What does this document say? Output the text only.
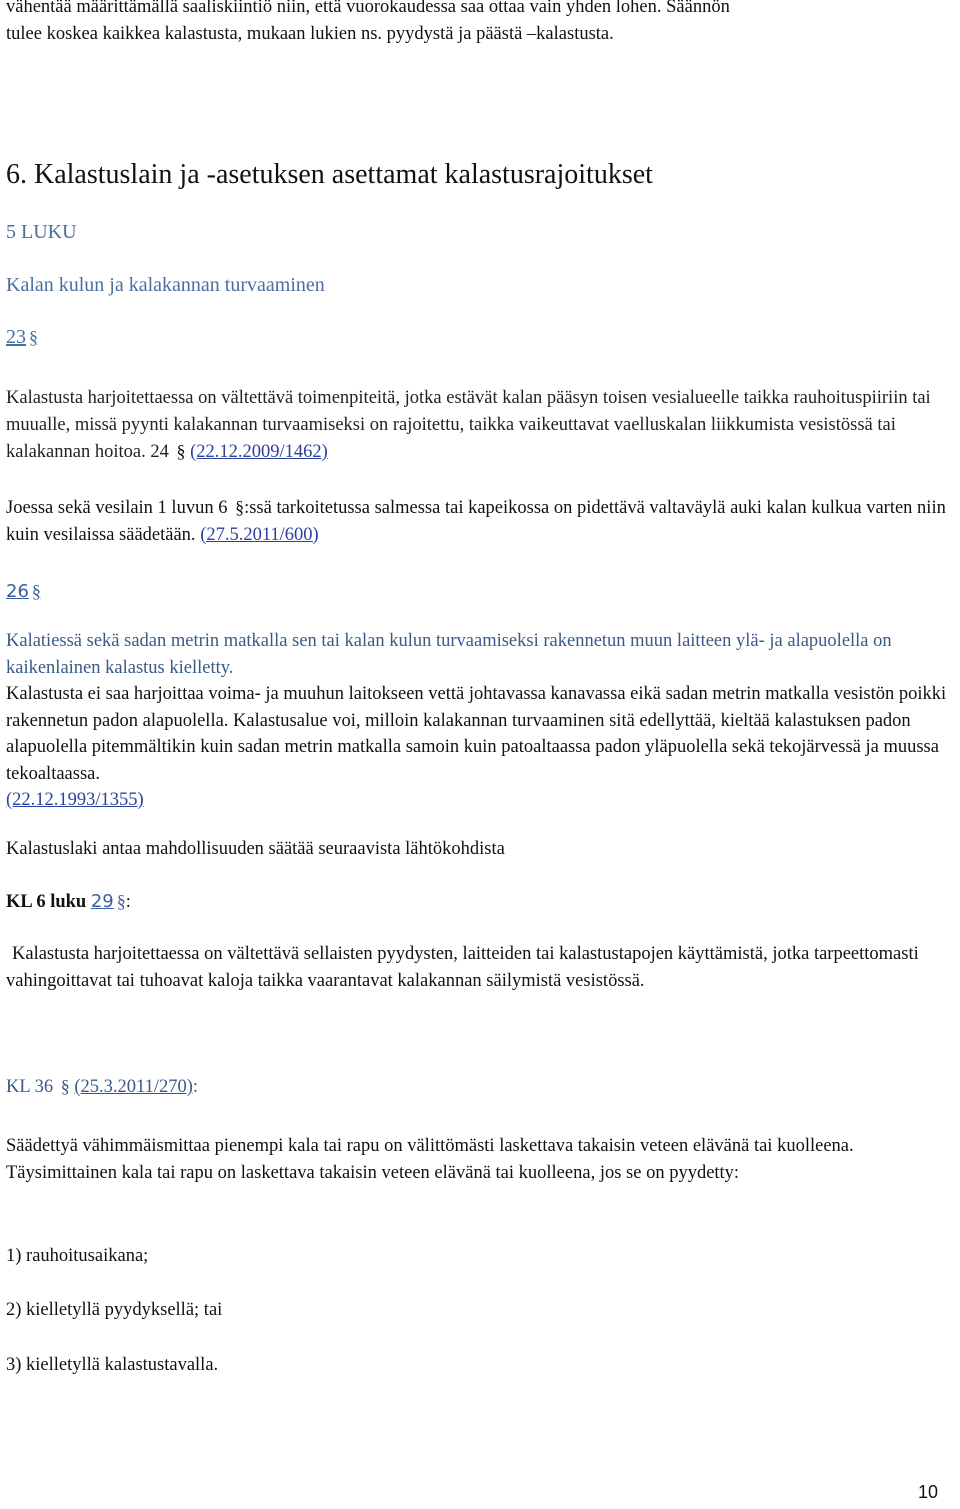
vähentää määrittämällä saaliskiintiö niin, että vuorokaudessa saa ottaa vain yhden lohen. Säännön
tulee koskea kaikkea kalastusta, mukaan lukien ns. pyydystä ja päästä –kalastusta.

6. Kalastuslain ja -asetuksen asettamat kalastusrajoitukset

5 LUKU

Kalan kulun ja kalakannan turvaaminen

23 §

Kalastusta harjoitettaessa on vältettävä toimenpiteitä, jotka estävät kalan pääsyn toisen vesialueelle taikka rauhoituspiiriin tai muualle, missä pyynti kalakannan turvaamiseksi on rajoitettu, taikka vaikeuttavat vaelluskalan liikkumista vesistössä tai kalakannan hoitoa. 24 § (22.12.2009/1462)

Joessa sekä vesilain 1 luvun 6 §:ssä tarkoitetussa salmessa tai kapeikossa on pidettävä valtaväylä auki kalan kulkua varten niin kuin vesilaissa säädetään. (27.5.2011/600)

26 §

Kalatiessä sekä sadan metrin matkalla sen tai kalan kulun turvaamiseksi rakennetun muun laitteen ylä- ja alapuolella on kaikenlainen kalastus kielletty.

Kalastusta ei saa harjoittaa voima- ja muuhun laitokseen vettä johtavassa kanavassa eikä sadan metrin matkalla vesistön poikki rakennetun padon alapuolella. Kalastusalue voi, milloin kalakannan turvaaminen sitä edellyttää, kieltää kalastuksen padon alapuolella pitemmältikin kuin sadan metrin matkalla samoin kuin patoaltaassa padon yläpuolella sekä tekojärvessä ja muussa tekoaltaassa.
(22.12.1993/1355)

Kalastuslaki antaa mahdollisuuden säätää seuraavista lähtökohdista

KL 6 luku 29 §:

Kalastusta harjoitettaessa on vältettävä sellaisten pyydysten, laitteiden tai kalastustapojen käyttämistä, jotka tarpeettomasti vahingoittavat tai tuhoavat kaloja taikka vaarantavat kalakannan säilymistä vesistössä.

KL 36 § (25.3.2011/270):

Säädettyä vähimmäismittaa pienempi kala tai rapu on välittömästi laskettava takaisin veteen elävänä tai kuolleena. Täysimittainen kala tai rapu on laskettava takaisin veteen elävänä tai kuolleena, jos se on pyydetty:

1) rauhoitusaikana;

2) kielletyllä pyydyksellä; tai

3) kielletyllä kalastustavalla.

10
